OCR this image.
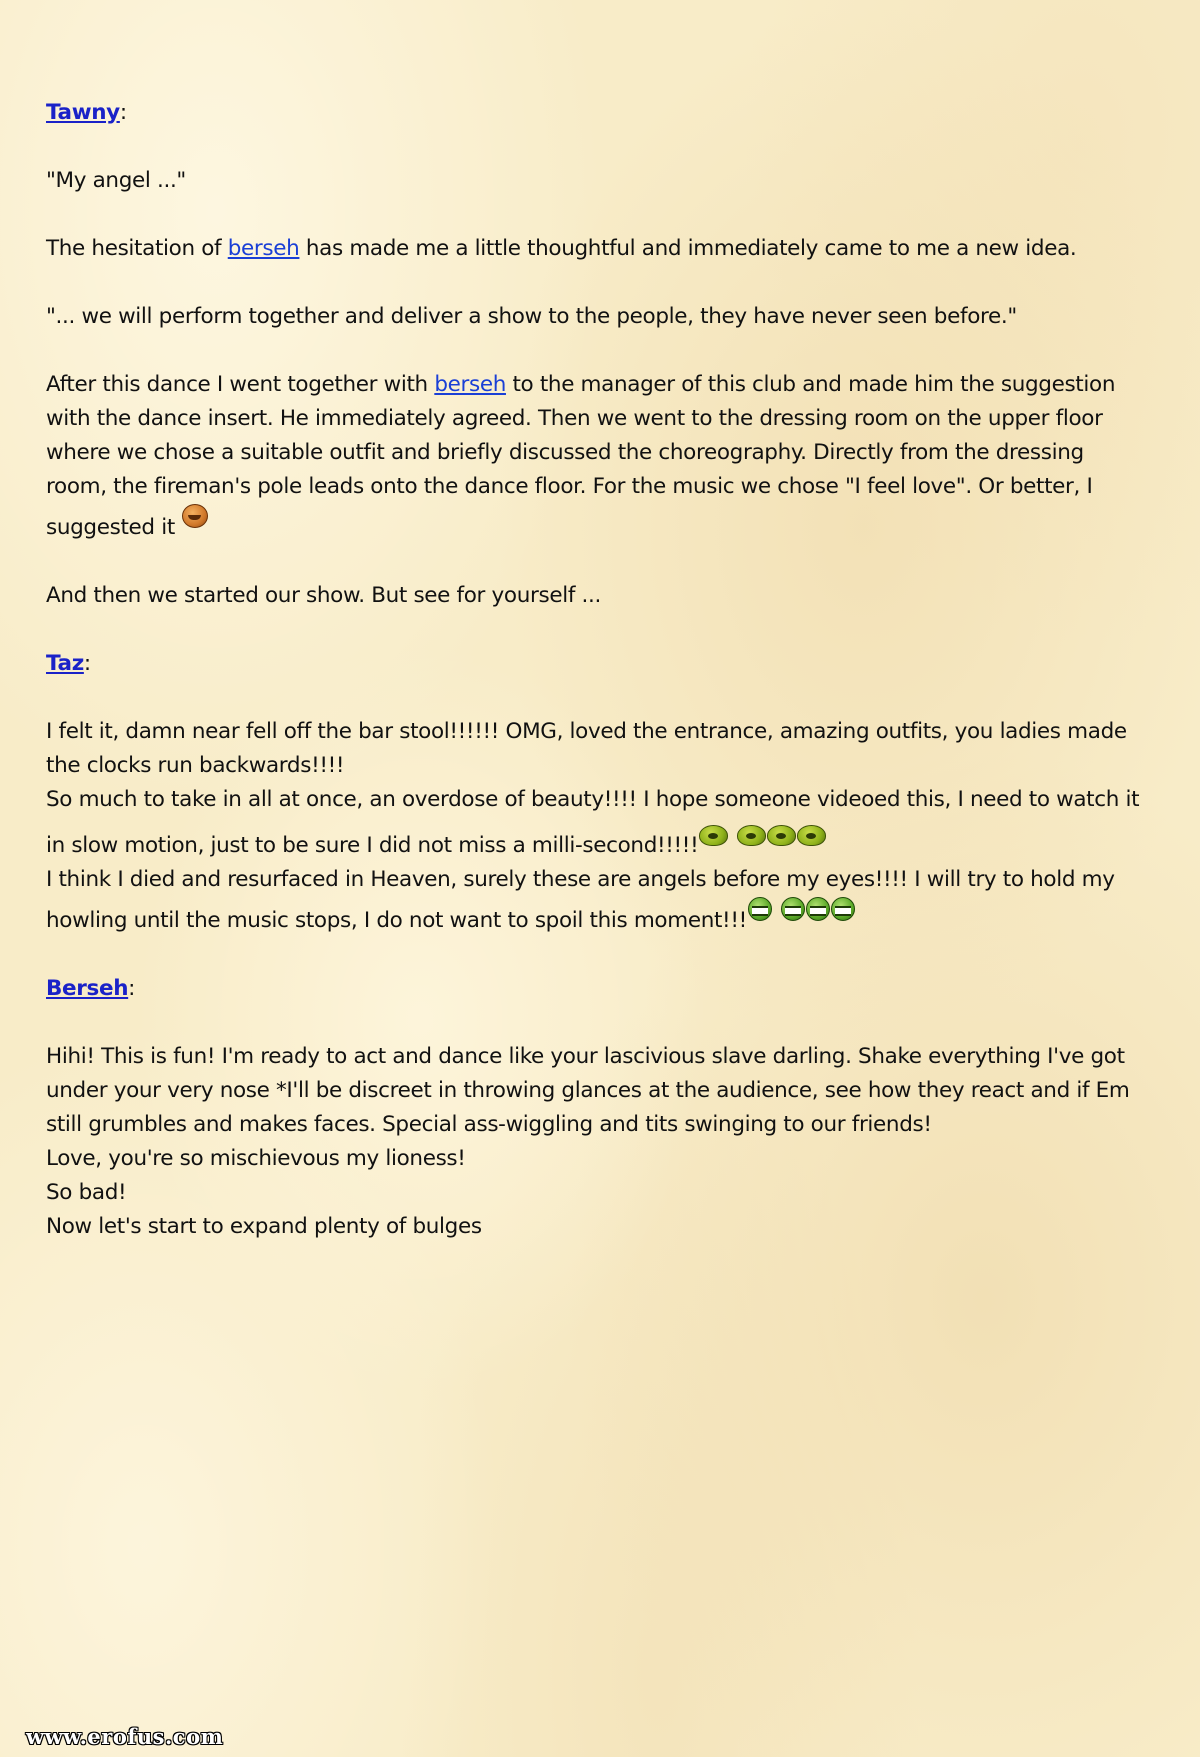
Tawny:
"My angel ..."
The hesitation of berseh has made me a little thoughtful and immediately came to me a new idea.
"... we will perform together and deliver a show to the people, they have never seen before."
After this dance I went together with berseh to the manager of this club and made him the suggestion
with the dance insert. He immediately agreed. Then we went to the dressing room on the upper floor
where we chose a suitable outfit and briefly discussed the choreography. Directly from the dressing
room, the fireman's pole leads onto the dance floor. For the music we chose "I feel love". Or better, I
suggested it
And then we started our show. But see for yourself ...
Taz:
I felt it, damn near fell off the bar stool!!!!!! OMG, loved the entrance, amazing outfits, you ladies made
the clocks run backwards!!!!
So much to take in all at once, an overdose of beauty!!!! I hope someone videoed this, I need to watch it
in slow motion, just to be sure I did not miss a milli-second!!!!!
I think I died and resurfaced in Heaven, surely these are angels before my eyes!!!! I will try to hold my
howling until the music stops, I do not want to spoil this moment!!!
Berseh:
Hihi! This is fun! I'm ready to act and dance like your lascivious slave darling. Shake everything I've got
under your very nose *I'll be discreet in throwing glances at the audience, see how they react and if Em
still grumbles and makes faces. Special ass-wiggling and tits swinging to our friends!
Love, you're so mischievous my lioness!
So bad!
Now let's start to expand plenty of bulges
www.erofus.com
